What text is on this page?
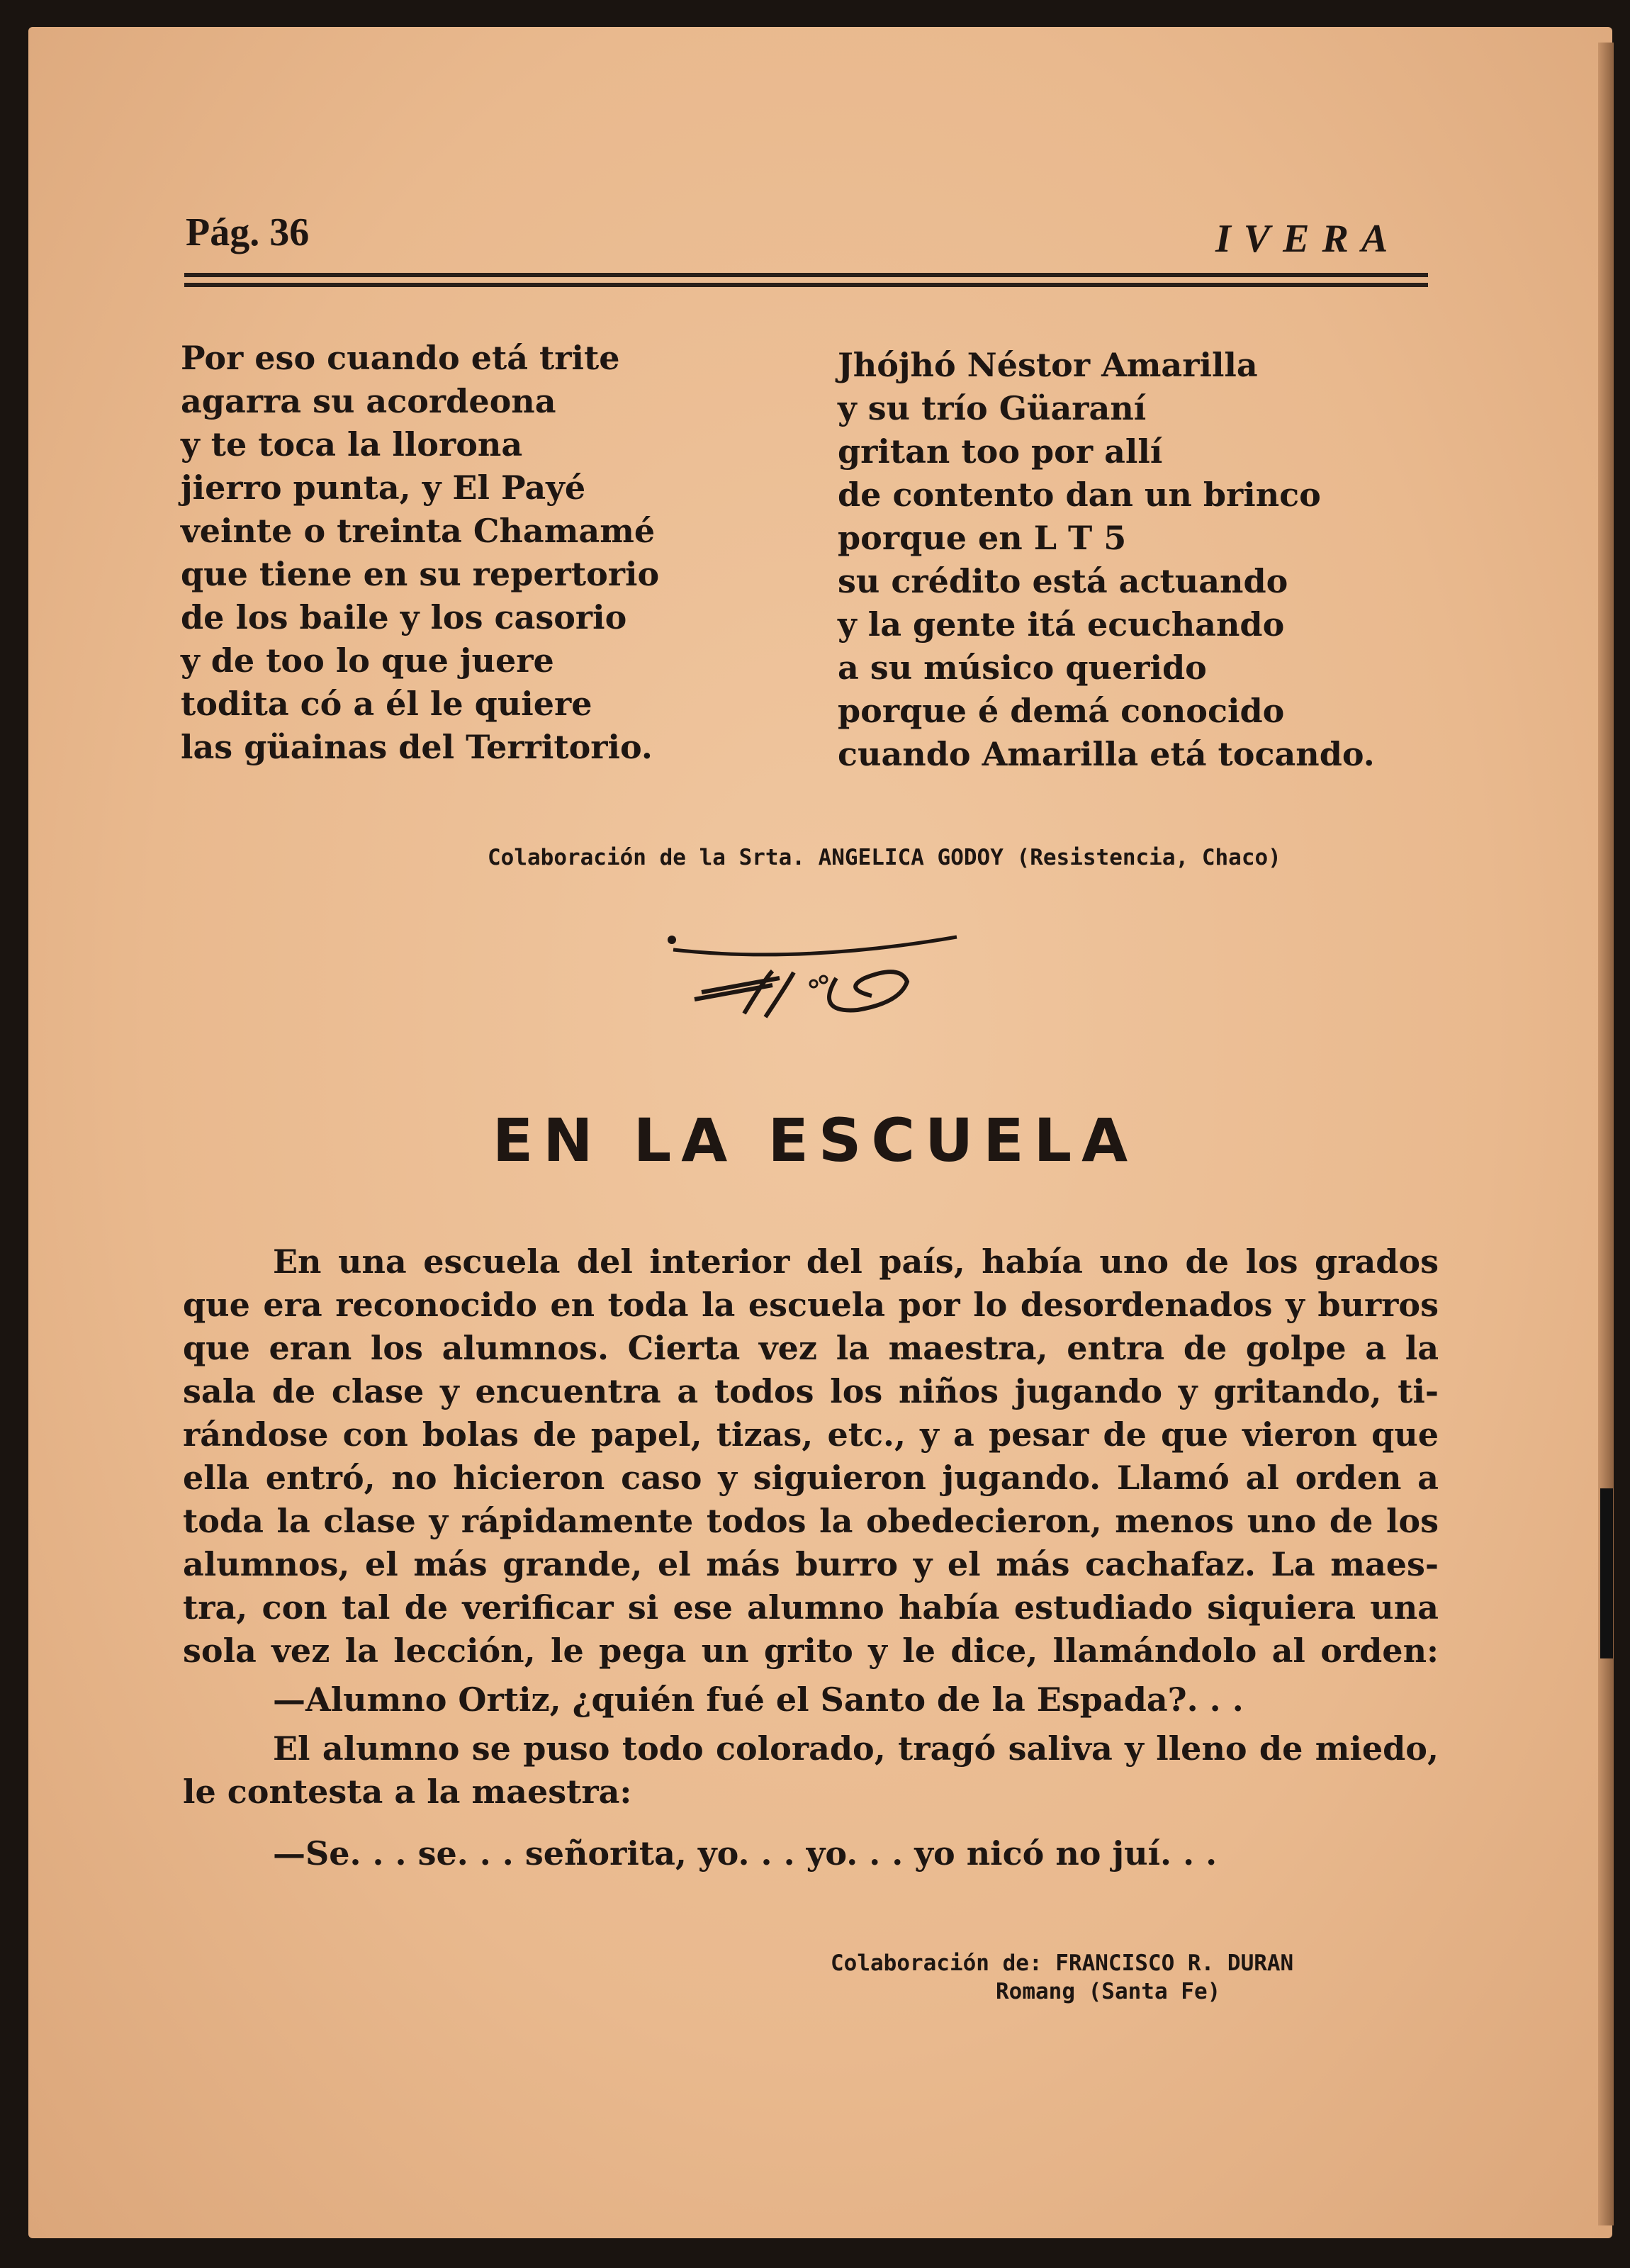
Pág. 36	IVERA
Por eso cuando etá trite
agarra su acordeona
y te toca la llorona
jierro punta, y El Payé
veinte o treinta Chamamé
que tiene en su repertorio
de los baile y los casorio
y de too lo que juere
todita có a él le quiere
las güainas del Territorio.
Jhójhó Néstor Amarilla
y su trío Güaraní
gritan too por allí
de contento dan un brinco
porque en L T 5
su crédito está actuando
y la gente itá ecuchando
a su músico querido
porque é demá conocido
cuando Amarilla etá tocando.
Colaboración de la Srta. ANGELICA GODOY (Resistencia, Chaco)
EN LA ESCUELA
En una escuela del interior del país, había uno de los grados
que era reconocido en toda la escuela por lo desordenados y burros
que eran los alumnos. Cierta vez la maestra, entra de golpe a la
sala de clase y encuentra a todos los niños jugando y gritando, ti-
rándose con bolas de papel, tizas, etc., y a pesar de que vieron que
ella entró, no hicieron caso y siguieron jugando. Llamó al orden a
toda la clase y rápidamente todos la obedecieron, menos uno de los
alumnos, el más grande, el más burro y el más cachafaz. La maes-
tra, con tal de verificar si ese alumno había estudiado siquiera una
sola vez la lección, le pega un grito y le dice, llamándolo al orden:
—Alumno Ortiz, ¿quién fué el Santo de la Espada?. . .
El alumno se puso todo colorado, tragó saliva y lleno de miedo,
le contesta a la maestra:
—Se. . . se. . . señorita, yo. . . yo. . . yo nicó no juí. . .
Colaboración de: FRANCISCO R. DURAN
Romang (Santa Fe)
